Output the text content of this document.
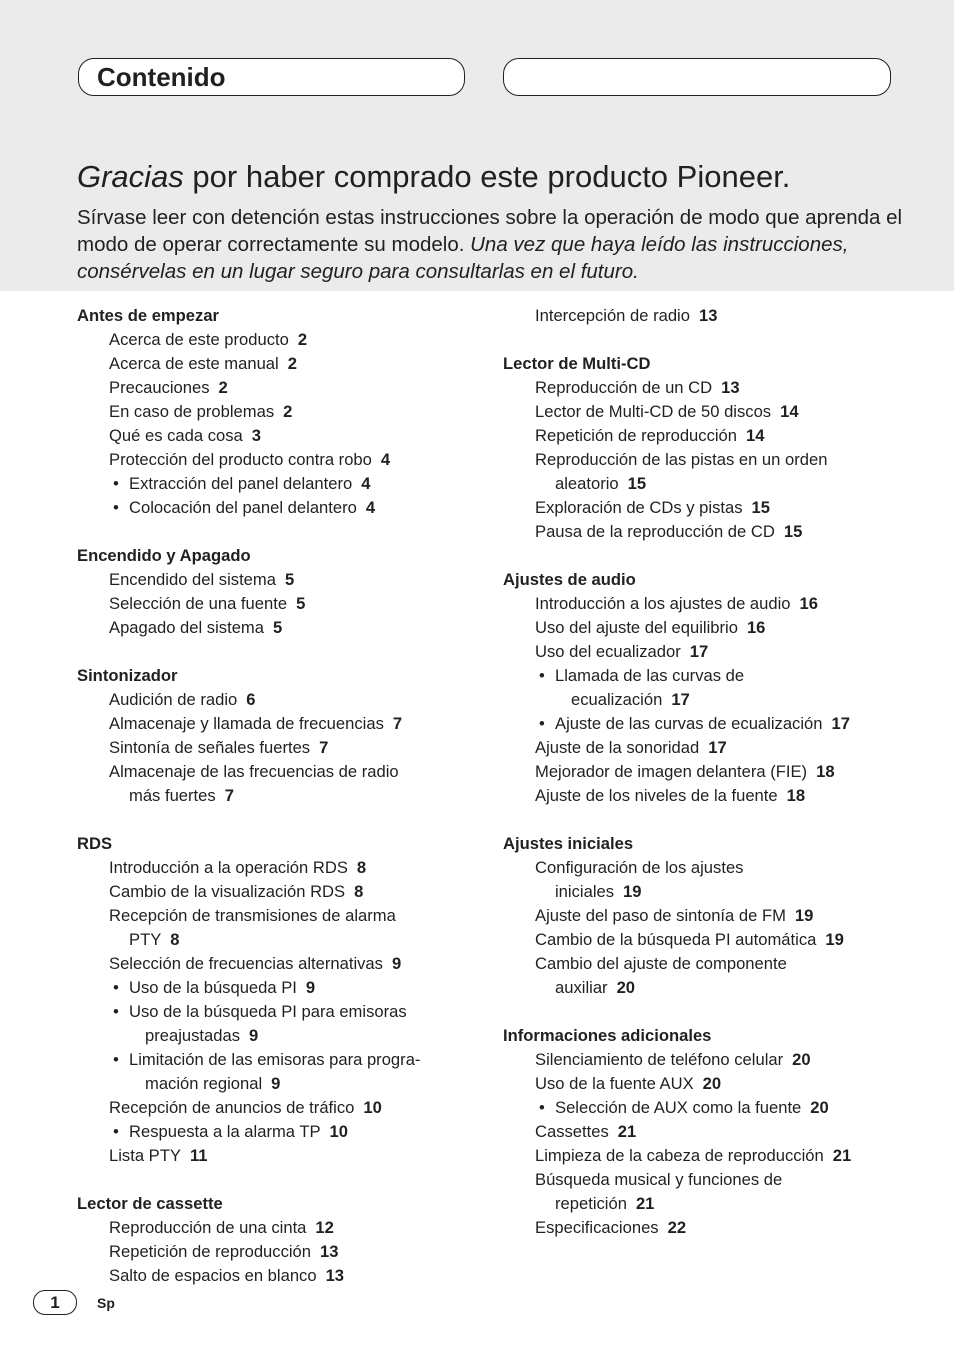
Contenido
Gracias por haber comprado este producto Pioneer.
Sírvase leer con detención estas instrucciones sobre la operación de modo que aprenda el modo de operar correctamente su modelo. Una vez que haya leído las instrucciones, consérvelas en un lugar seguro para consultarlas en el futuro.
Antes de empezar
Acerca de este producto 2
Acerca de este manual 2
Precauciones 2
En caso de problemas 2
Qué es cada cosa 3
Protección del producto contra robo 4
• Extracción del panel delantero 4
• Colocación del panel delantero 4
Encendido y Apagado
Encendido del sistema 5
Selección de una fuente 5
Apagado del sistema 5
Sintonizador
Audición de radio 6
Almacenaje y llamada de frecuencias 7
Sintonía de señales fuertes 7
Almacenaje de las frecuencias de radio
más fuertes 7
RDS
Introducción a la operación RDS 8
Cambio de la visualización RDS 8
Recepción de transmisiones de alarma
PTY 8
Selección de frecuencias alternativas 9
• Uso de la búsqueda PI 9
• Uso de la búsqueda PI para emisoras
preajustadas 9
• Limitación de las emisoras para progra-
mación regional 9
Recepción de anuncios de tráfico 10
• Respuesta a la alarma TP 10
Lista PTY 11
Lector de cassette
Reproducción de una cinta 12
Repetición de reproducción 13
Salto de espacios en blanco 13
Intercepción de radio 13
Lector de Multi-CD
Reproducción de un CD 13
Lector de Multi-CD de 50 discos 14
Repetición de reproducción 14
Reproducción de las pistas en un orden
aleatorio 15
Exploración de CDs y pistas 15
Pausa de la reproducción de CD 15
Ajustes de audio
Introducción a los ajustes de audio 16
Uso del ajuste del equilibrio 16
Uso del ecualizador 17
• Llamada de las curvas de
ecualización 17
• Ajuste de las curvas de ecualización 17
Ajuste de la sonoridad 17
Mejorador de imagen delantera (FIE) 18
Ajuste de los niveles de la fuente 18
Ajustes iniciales
Configuración de los ajustes
iniciales 19
Ajuste del paso de sintonía de FM 19
Cambio de la búsqueda PI automática 19
Cambio del ajuste de componente
auxiliar 20
Informaciones adicionales
Silenciamiento de teléfono celular 20
Uso de la fuente AUX 20
• Selección de AUX como la fuente 20
Cassettes 21
Limpieza de la cabeza de reproducción 21
Búsqueda musical y funciones de
repetición 21
Especificaciones 22
1	Sp
